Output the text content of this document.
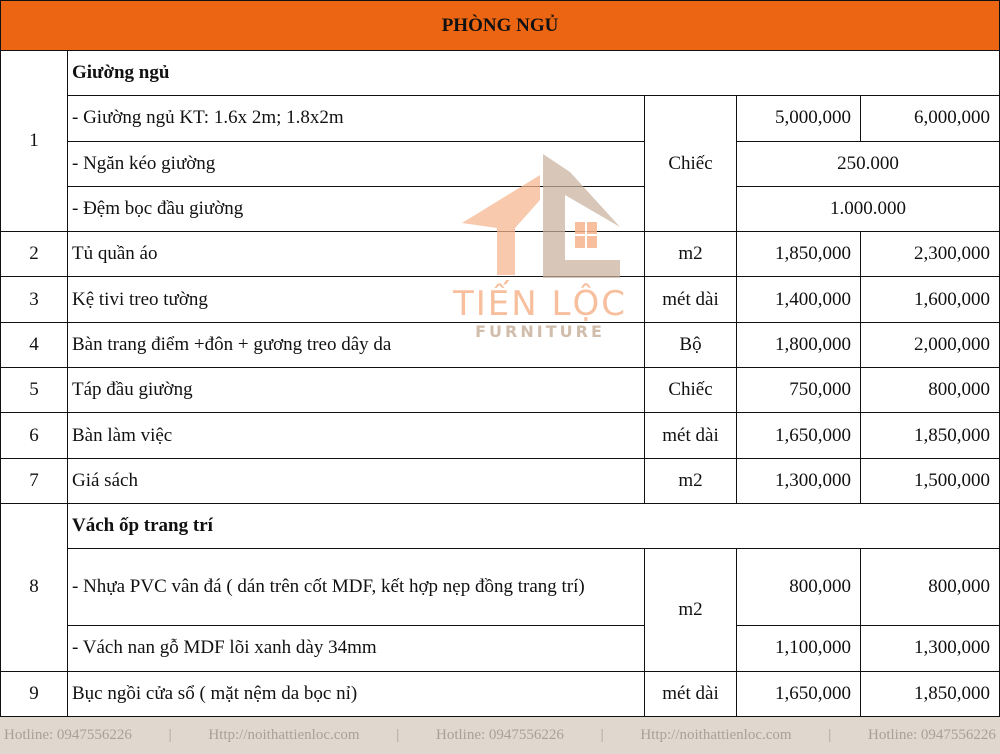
PHÒNG NGỦ				
1	Giường ngủ			
	- Giường ngủ KT: 1.6x 2m; 1.8x2m	Chiếc	5,000,000	6,000,000
	- Ngăn kéo giường		250.000	
	- Đệm bọc đầu giường		1.000.000	
2	Tủ quần áo	m2	1,850,000	2,300,000
3	Kệ tivi treo tường	mét dài	1,400,000	1,600,000
4	Bàn trang điểm +đôn + gương treo dây da	Bộ	1,800,000	2,000,000
5	Táp đầu giường	Chiếc	750,000	800,000
6	Bàn làm việc	mét dài	1,650,000	1,850,000
7	Giá sách	m2	1,300,000	1,500,000
8	Vách ốp trang trí			
	- Nhựa PVC vân đá ( dán trên cốt MDF, kết hợp nẹp đồng trang trí)	m2	800,000	800,000
	- Vách nan gỗ MDF lõi xanh dày 34mm		1,100,000	1,300,000
9	Bục ngồi cửa sổ ( mặt nệm da bọc nỉ)	mét dài	1,650,000	1,850,000
TIẾN LỘC
FURNITURE
Hotline: 0947556226 | Http://noithattienloc.com | Hotline: 0947556226 | Http://noithattienloc.com | Hotline: 0947556226
